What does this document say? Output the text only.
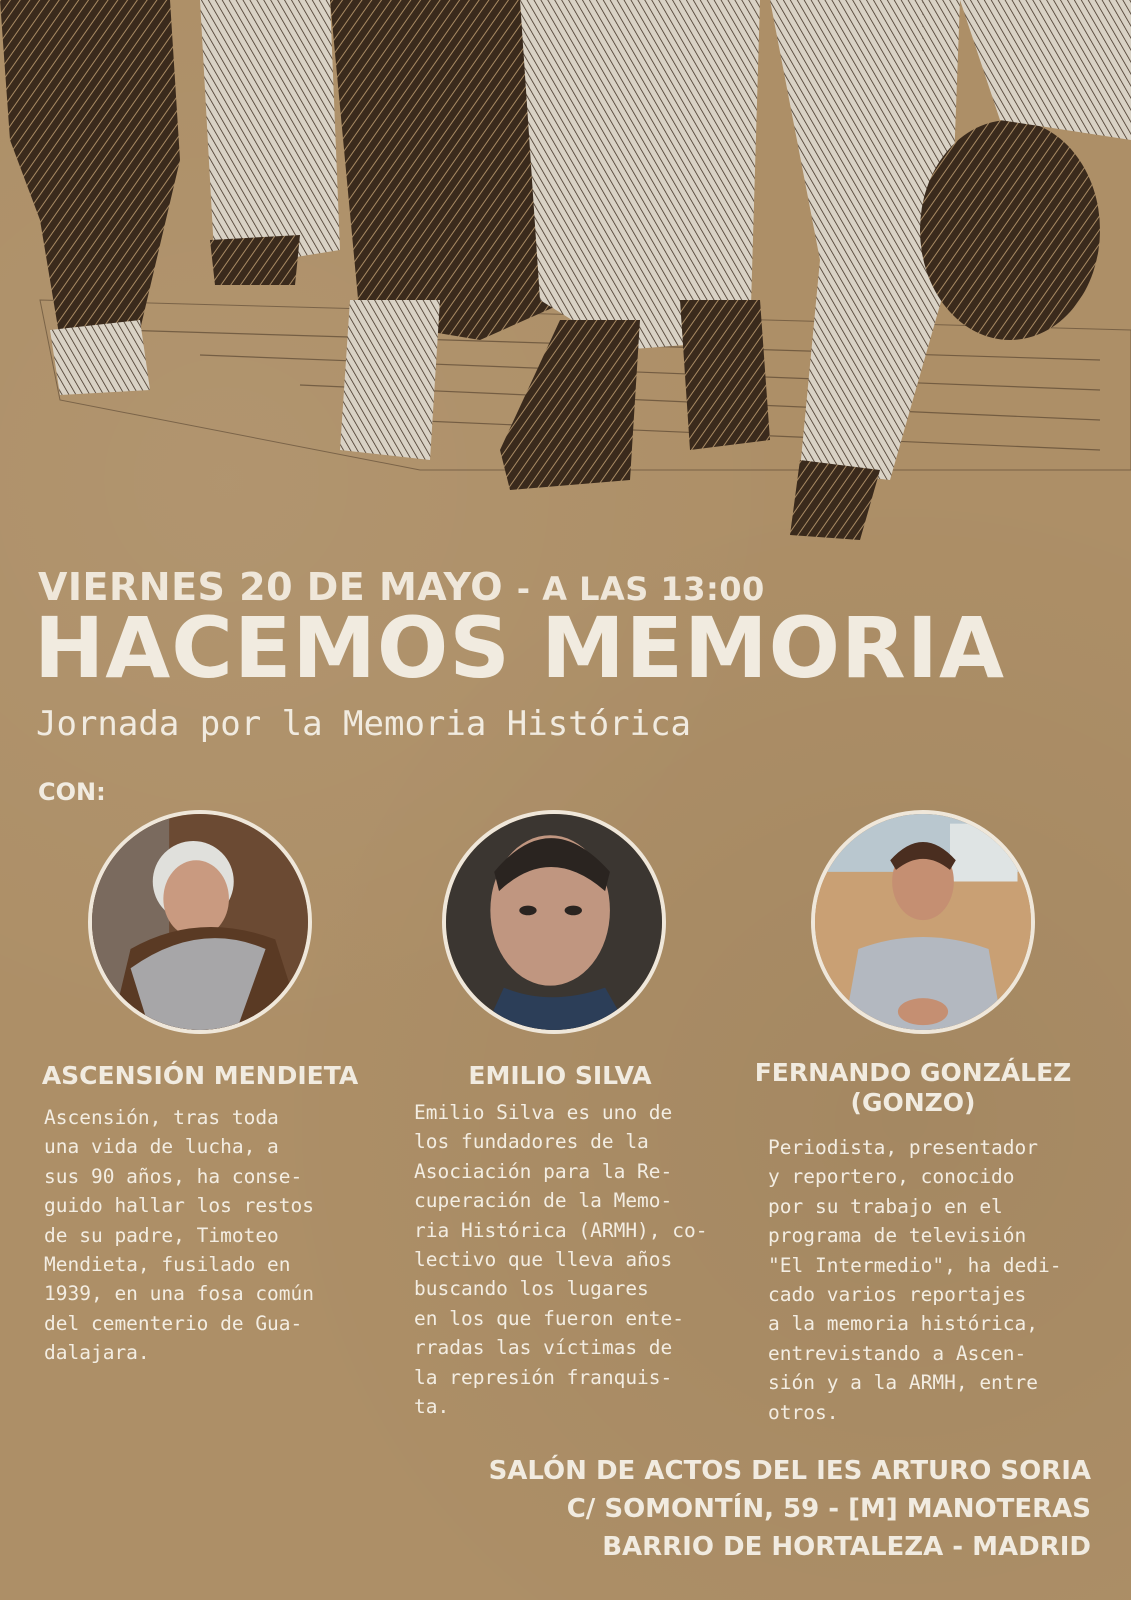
VIERNES 20 DE MAYO - A LAS 13:00
HACEMOS MEMORIA
Jornada por la Memoria Histórica
CON:
ASCENSIÓN MENDIETA	EMILIO SILVA	FERNANDO GONZÁLEZ
(GONZO)
Ascensión, tras toda
una vida de lucha, a
sus 90 años, ha conse-
guido hallar los restos
de su padre, Timoteo
Mendieta, fusilado en
1939, en una fosa común
del cementerio de Gua-
dalajara.
Emilio Silva es uno de
los fundadores de la
Asociación para la Re-
cuperación de la Memo-
ria Histórica (ARMH), co-
lectivo que lleva años
buscando los lugares
en los que fueron ente-
rradas las víctimas de
la represión franquis-
ta.
Periodista, presentador
y reportero, conocido
por su trabajo en el
programa de televisión
"El Intermedio", ha dedi-
cado varios reportajes
a la memoria histórica,
entrevistando a Ascen-
sión y a la ARMH, entre
otros.
SALÓN DE ACTOS DEL IES ARTURO SORIA
C/ SOMONTÍN, 59 - [M] MANOTERAS
BARRIO DE HORTALEZA - MADRID
